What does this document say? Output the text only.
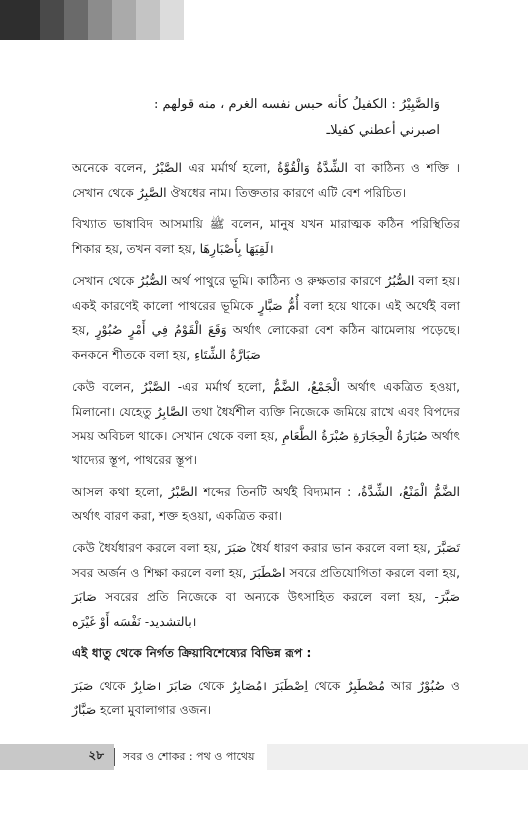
وَالصَّبِيْرُ : الكفيلُ كأنه حبس نفسه الغرم ، منه قولهم :
اصبرني أعطني كفيلاـ

অনেকে বলেন, الصَّبْرُ এর মর্মার্থ হলো, الشِّدَّةُ وَالْقُوَّةُ বা কাঠিন্য ও শক্তি । সেখান থেকে الصَّبِرُ ঔষধের নাম। তিক্ততার কারণে এটি বেশ পরিচিত।

বিখ্যাত ভাষাবিদ আসমায়ি ﷺ বলেন, মানুষ যখন মারাত্মক কঠিন পরিস্থিতির শিকার হয়, তখন বলা হয়, لَقِيَهَا بِأَصْبَارِهَا।

সেখান থেকে الصُّبُرُ অর্থ পাথুরে ভূমি। কাঠিন্য ও রুক্ষতার কারণে الصُّبُرُ বলা হয়। একই কারণেই কালো পাথরের ভূমিকে أُمُّ صَبَّارٍ বলা হয়ে থাকে। এই অর্থেই বলা হয়, وَقَعَ الْقَوْمُ فِي أَمْرٍ صُبُوْرٍ অর্থাৎ লোকেরা বেশ কঠিন ঝামেলায় পড়েছে। কনকনে শীতকে বলা হয়, صَبَارَّةُ الشِّتَاءِ

কেউ বলেন, الصَّبْرُ -এর মর্মার্থ হলো, الْجَمْعُ، الضَّمُّ অর্থাৎ একত্রিত হওয়া, মিলানো। যেহেতু الصَّابِرُ তথা ধৈর্যশীল ব্যক্তি নিজেকে জমিয়ে রাখে এবং বিপদের সময় অবিচল থাকে। সেখান থেকে বলা হয়, صُبْرَةُ الطَّعَامِ صُبَارَةُ الْحِجَارَةِ অর্থাৎ খাদ্যের স্তূপ, পাথরের স্তূপ।

আসল কথা হলো, الصَّبْرُ শব্দের তিনটি অর্থই বিদ্যমান : الْمَنْعُ، الشِّدَّةُ، الضَّمُّ অর্থাৎ বারণ করা, শক্ত হওয়া, একত্রিত করা।

কেউ ধৈর্যধারণ করলে বলা হয়, صَبَرَ ধৈর্য ধারণ করার ভান করলে বলা হয়, تَصَبَّرَ সবর অর্জন ও শিক্ষা করলে বলা হয়, اصْطَبَرَ সবরে প্রতিযোগিতা করলে বলা হয়, صَابَرَ সবরের প্রতি নিজেকে বা অন্যকে উৎসাহিত করলে বলা হয়, صَبَّرَ- بالتشديد- نَفْسَه أَوْ غَيْرَه।

এই ধাতু থেকে নির্গত ক্রিয়াবিশেষ্যের বিভিন্ন রূপ :

صَبَرَ থেকে صَابِرٌ। صَابَرَ থেকে مُصَابِرٌ। اِصْطَبَرَ থেকে مُصْطَبِرٌ আর صُبُوْرٌ ও صَبَّارٌ হলো মুবালাগার ওজন।

২৮ সবর ও শোকর : পথ ও পাথেয়
